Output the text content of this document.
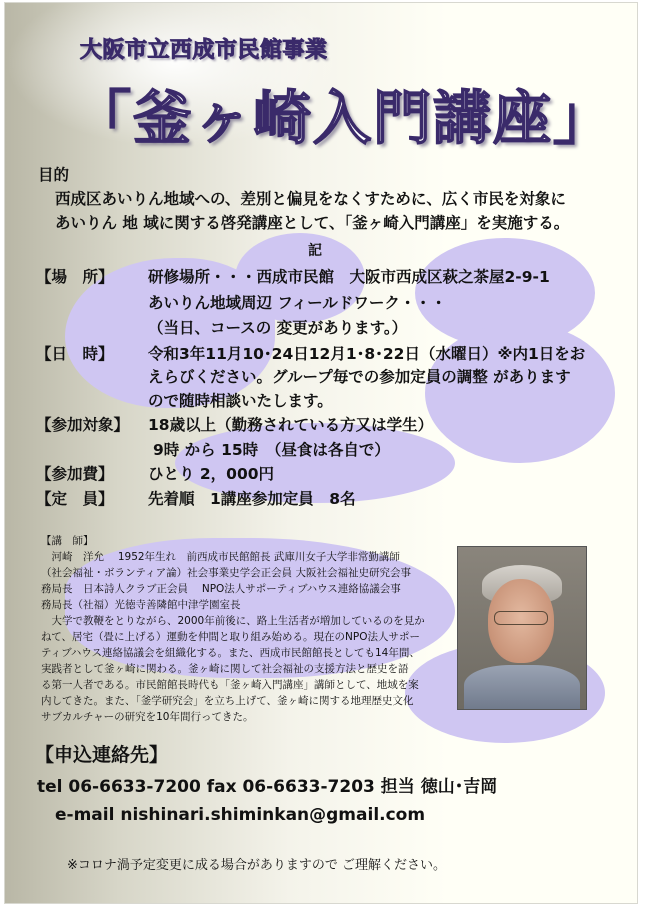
大阪市立西成市民館事業
「釜ヶ崎入門講座」
目的
西成区あいりん地域への、差別と偏見をなくすために、広く市民を対象に
あいりん 地 域に関する啓発講座として、「釜ヶ崎入門講座」を実施する。
記
【場　所】 研修場所・・・西成市民館　大阪市西成区萩之茶屋2-9-1
あいりん地域周辺 フィールドワーク・・・
（当日、コースの 変更があります。）
【日　時】 令和3年11月10･24日12月1･8･22日（水曜日）※内1日をお
えらびください。グループ毎での参加定員の調整 があります
ので随時相談いたします。
【参加対象】 18歳以上（勤務されている方又は学生）
9時 から 15時　（昼食は各自で）
【参加費】 ひとり 2，000円
【定　員】 先着順　1講座参加定員　8名
【講　師】
　河崎　洋允　 1952年生れ　前西成市民館館長 武庫川女子大学非常勤講師
（社会福祉・ボランティア論）社会事業史学会正会員 大阪社会福祉史研究会事
務局長　日本詩人クラブ正会員　 NPO法人サポーティブハウス連絡協議会事
務局長（社福）光徳寺善隣館中津学園室長
　大学で教鞭をとりながら、2000年前後に、路上生活者が増加しているのを見か
ねて、居宅（畳に上げる）運動を仲間と取り組み始める。現在のNPO法人サポー
ティブハウス連絡協議会を組織化する。また、西成市民館館長としても14年間、
実践者として釜ヶ崎に関わる。釜ヶ崎に関して社会福祉の支援方法と歴史を語
る第一人者である。市民館館長時代も「釜ヶ崎入門講座」講師として、地域を案
内してきた。また、「釜学研究会」を立ち上げて、釜ヶ崎に関する地理歴史文化
サブカルチャーの研究を10年間行ってきた。
【申込連絡先】
tel 06-6633-7200 fax 06-6633-7203 担当 徳山･吉岡
e-mail nishinari.shiminkan@gmail.com
※コロナ渦予定変更に成る場合がありますので ご理解ください。
